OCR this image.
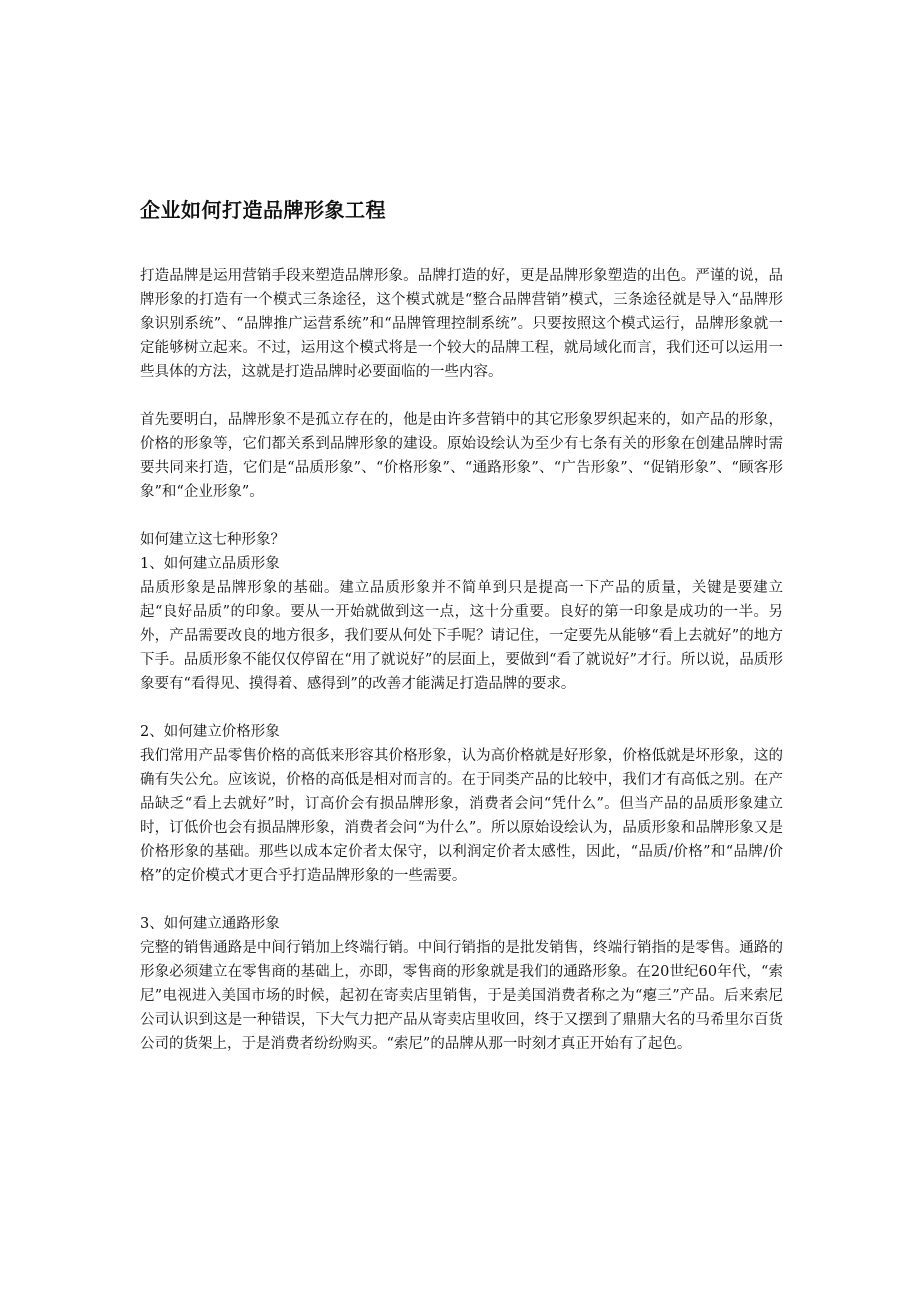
企业如何打造品牌形象工程

打造品牌是运用营销手段来塑造品牌形象。品牌打造的好，更是品牌形象塑造的出色。严谨的说，品牌形象的打造有一个模式三条途径，这个模式就是“整合品牌营销”模式，三条途径就是导入“品牌形象识别系统”、“品牌推广运营系统”和“品牌管理控制系统”。只要按照这个模式运行，品牌形象就一定能够树立起来。不过，运用这个模式将是一个较大的品牌工程，就局域化而言，我们还可以运用一些具体的方法，这就是打造品牌时必要面临的一些内容。

首先要明白，品牌形象不是孤立存在的，他是由许多营销中的其它形象罗织起来的，如产品的形象，价格的形象等，它们都关系到品牌形象的建设。原始设绘认为至少有七条有关的形象在创建品牌时需要共同来打造，它们是“品质形象”、“价格形象”、“通路形象”、“广告形象”、“促销形象”、“顾客形象”和“企业形象”。

如何建立这七种形象？

1、如何建立品质形象

品质形象是品牌形象的基础。建立品质形象并不简单到只是提高一下产品的质量，关键是要建立起“良好品质”的印象。要从一开始就做到这一点，这十分重要。良好的第一印象是成功的一半。另外，产品需要改良的地方很多，我们要从何处下手呢？请记住，一定要先从能够“看上去就好”的地方下手。品质形象不能仅仅停留在“用了就说好”的层面上，要做到“看了就说好”才行。所以说，品质形象要有“看得见、摸得着、感得到”的改善才能满足打造品牌的要求。

2、如何建立价格形象

我们常用产品零售价格的高低来形容其价格形象，认为高价格就是好形象，价格低就是坏形象，这的确有失公允。应该说，价格的高低是相对而言的。在于同类产品的比较中，我们才有高低之别。在产品缺乏“看上去就好”时，订高价会有损品牌形象，消费者会问“凭什么”。但当产品的品质形象建立时，订低价也会有损品牌形象，消费者会问“为什么”。所以原始设绘认为，品质形象和品牌形象又是价格形象的基础。那些以成本定价者太保守，以利润定价者太感性，因此，“品质/价格”和“品牌/价格”的定价模式才更合乎打造品牌形象的一些需要。

3、如何建立通路形象

完整的销售通路是中间行销加上终端行销。中间行销指的是批发销售，终端行销指的是零售。通路的形象必须建立在零售商的基础上，亦即，零售商的形象就是我们的通路形象。在20世纪60年代，“索尼”电视进入美国市场的时候，起初在寄卖店里销售，于是美国消费者称之为“瘪三”产品。后来索尼公司认识到这是一种错误，下大气力把产品从寄卖店里收回，终于又摆到了鼎鼎大名的马希里尔百货公司的货架上，于是消费者纷纷购买。“索尼”的品牌从那一时刻才真正开始有了起色。
